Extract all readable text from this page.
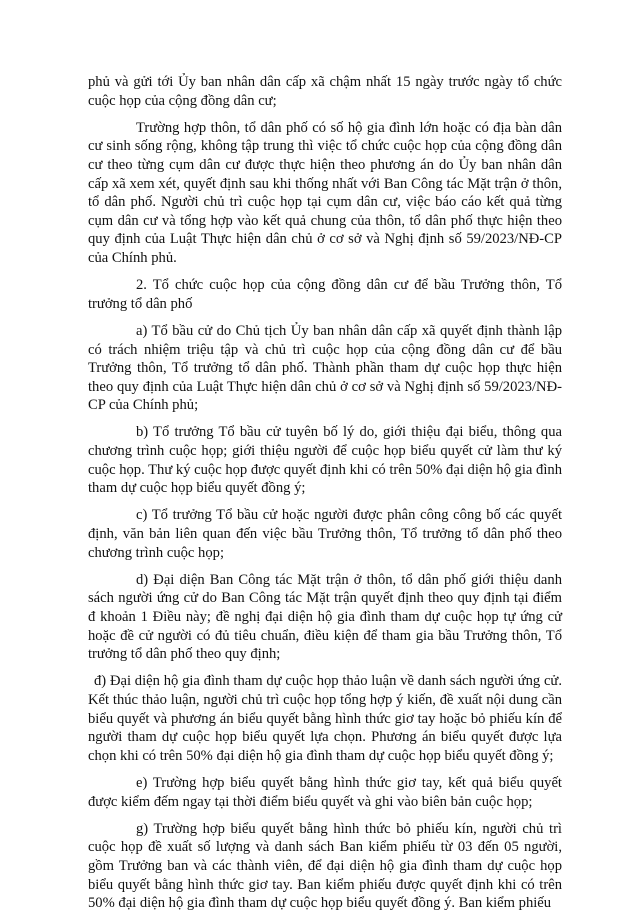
phủ và gửi tới Ủy ban nhân dân cấp xã chậm nhất 15 ngày trước ngày tổ chức cuộc họp của cộng đồng dân cư;

Trường hợp thôn, tổ dân phố có số hộ gia đình lớn hoặc có địa bàn dân cư sinh sống rộng, không tập trung thì việc tổ chức cuộc họp của cộng đồng dân cư theo từng cụm dân cư được thực hiện theo phương án do Ủy ban nhân dân cấp xã xem xét, quyết định sau khi thống nhất với Ban Công tác Mặt trận ở thôn, tổ dân phố. Người chủ trì cuộc họp tại cụm dân cư, việc báo cáo kết quả từng cụm dân cư và tổng hợp vào kết quả chung của thôn, tổ dân phố thực hiện theo quy định của Luật Thực hiện dân chủ ở cơ sở và Nghị định số 59/2023/NĐ-CP của Chính phủ.

2. Tổ chức cuộc họp của cộng đồng dân cư để bầu Trưởng thôn, Tổ trưởng tổ dân phố

a) Tổ bầu cử do Chủ tịch Ủy ban nhân dân cấp xã quyết định thành lập có trách nhiệm triệu tập và chủ trì cuộc họp của cộng đồng dân cư để bầu Trưởng thôn, Tổ trưởng tổ dân phố. Thành phần tham dự cuộc họp thực hiện theo quy định của Luật Thực hiện dân chủ ở cơ sở và Nghị định số 59/2023/NĐ-CP của Chính phủ;

b) Tổ trưởng Tổ bầu cử tuyên bố lý do, giới thiệu đại biểu, thông qua chương trình cuộc họp; giới thiệu người để cuộc họp biểu quyết cử làm thư ký cuộc họp. Thư ký cuộc họp được quyết định khi có trên 50% đại diện hộ gia đình tham dự cuộc họp biểu quyết đồng ý;

c) Tổ trưởng Tổ bầu cử hoặc người được phân công công bố các quyết định, văn bản liên quan đến việc bầu Trưởng thôn, Tổ trưởng tổ dân phố theo chương trình cuộc họp;

d) Đại diện Ban Công tác Mặt trận ở thôn, tổ dân phố giới thiệu danh sách người ứng cử do Ban Công tác Mặt trận quyết định theo quy định tại điểm đ khoản 1 Điều này; đề nghị đại diện hộ gia đình tham dự cuộc họp tự ứng cử hoặc đề cử người có đủ tiêu chuẩn, điều kiện để tham gia bầu Trưởng thôn, Tổ trưởng tổ dân phố theo quy định;

đ) Đại diện hộ gia đình tham dự cuộc họp thảo luận về danh sách người ứng cử. Kết thúc thảo luận, người chủ trì cuộc họp tổng hợp ý kiến, đề xuất nội dung cần biểu quyết và phương án biểu quyết bằng hình thức giơ tay hoặc bỏ phiếu kín để người tham dự cuộc họp biểu quyết lựa chọn. Phương án biểu quyết được lựa chọn khi có trên 50% đại diện hộ gia đình tham dự cuộc họp biểu quyết đồng ý;

e) Trường hợp biểu quyết bằng hình thức giơ tay, kết quả biểu quyết được kiểm đếm ngay tại thời điểm biểu quyết và ghi vào biên bản cuộc họp;

g) Trường hợp biểu quyết bằng hình thức bỏ phiếu kín, người chủ trì cuộc họp đề xuất số lượng và danh sách Ban kiểm phiếu từ 03 đến 05 người, gồm Trưởng ban và các thành viên, để đại diện hộ gia đình tham dự cuộc họp biểu quyết bằng hình thức giơ tay. Ban kiểm phiếu được quyết định khi có trên 50% đại diện hộ gia đình tham dự cuộc họp biểu quyết đồng ý. Ban kiểm phiếu
